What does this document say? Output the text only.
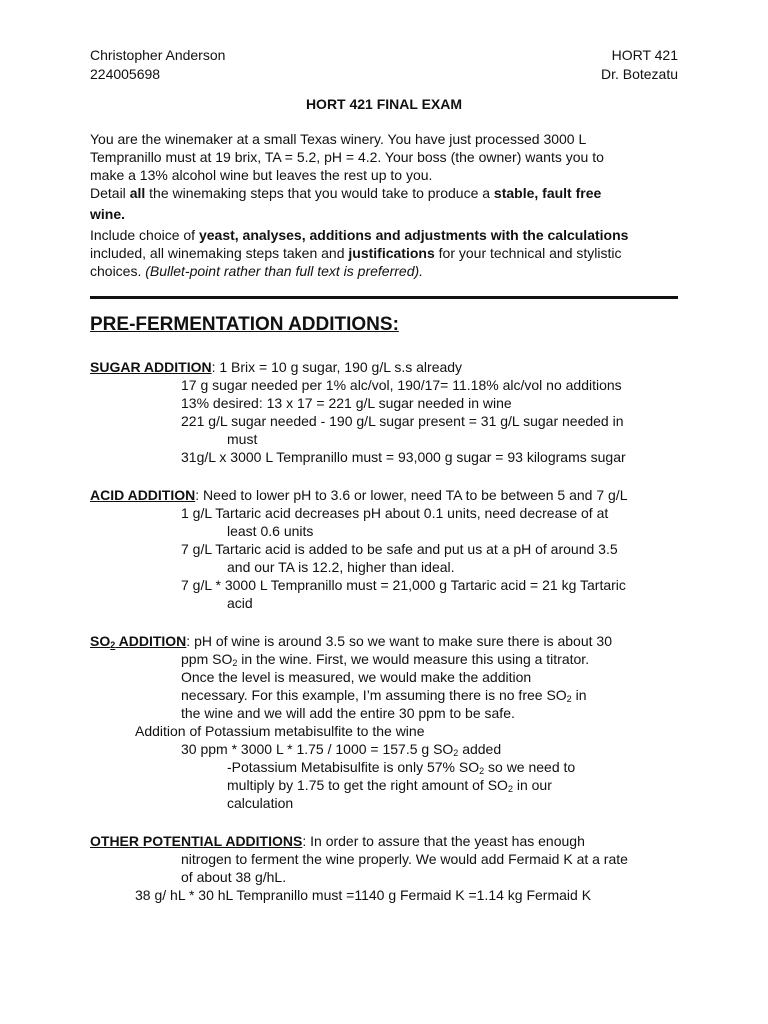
Christopher Anderson
224005698
HORT 421
Dr. Botezatu
HORT 421 FINAL EXAM
You are the winemaker at a small Texas winery. You have just processed 3000 L
Tempranillo must at 19 brix, TA = 5.2, pH = 4.2. Your boss (the owner) wants you to
make a 13% alcohol wine but leaves the rest up to you.
Detail all the winemaking steps that you would take to produce a stable, fault free
wine.
Include choice of yeast, analyses, additions and adjustments with the calculations
included, all winemaking steps taken and justifications for your technical and stylistic
choices. (Bullet-point rather than full text is preferred).
PRE-FERMENTATION ADDITIONS:
SUGAR ADDITION: 1 Brix = 10 g sugar, 190 g/L s.s already
17 g sugar needed per 1% alc/vol, 190/17= 11.18% alc/vol no additions
13% desired: 13 x 17 = 221 g/L sugar needed in wine
221 g/L sugar needed - 190 g/L sugar present = 31 g/L sugar needed in
must
31g/L x 3000 L Tempranillo must = 93,000 g sugar = 93 kilograms sugar
ACID ADDITION: Need to lower pH to 3.6 or lower, need TA to be between 5 and 7 g/L
1 g/L Tartaric acid decreases pH about 0.1 units, need decrease of at
least 0.6 units
7 g/L Tartaric acid is added to be safe and put us at a pH of around 3.5
and our TA is 12.2, higher than ideal.
7 g/L * 3000 L Tempranillo must = 21,000 g Tartaric acid = 21 kg Tartaric
acid
$SO_2$ ADDITION: pH of wine is around 3.5 so we want to make sure there is about 30
ppm $SO_2$ in the wine. First, we would measure this using a titrator.
Once the level is measured, we would make the addition
necessary. For this example, I’m assuming there is no free $SO_2$ in
the wine and we will add the entire 30 ppm to be safe.
Addition of Potassium metabisulfite to the wine
30 ppm * 3000 L * 1.75 / 1000 = 157.5 g $SO_2$ added
-Potassium Metabisulfite is only 57% $SO_2$ so we need to
multiply by 1.75 to get the right amount of $SO_2$ in our
calculation
OTHER POTENTIAL ADDITIONS: In order to assure that the yeast has enough
nitrogen to ferment the wine properly. We would add Fermaid K at a rate
of about 38 g/hL.
38 g/ hL * 30 hL Tempranillo must =1140 g Fermaid K =1.14 kg Fermaid K
